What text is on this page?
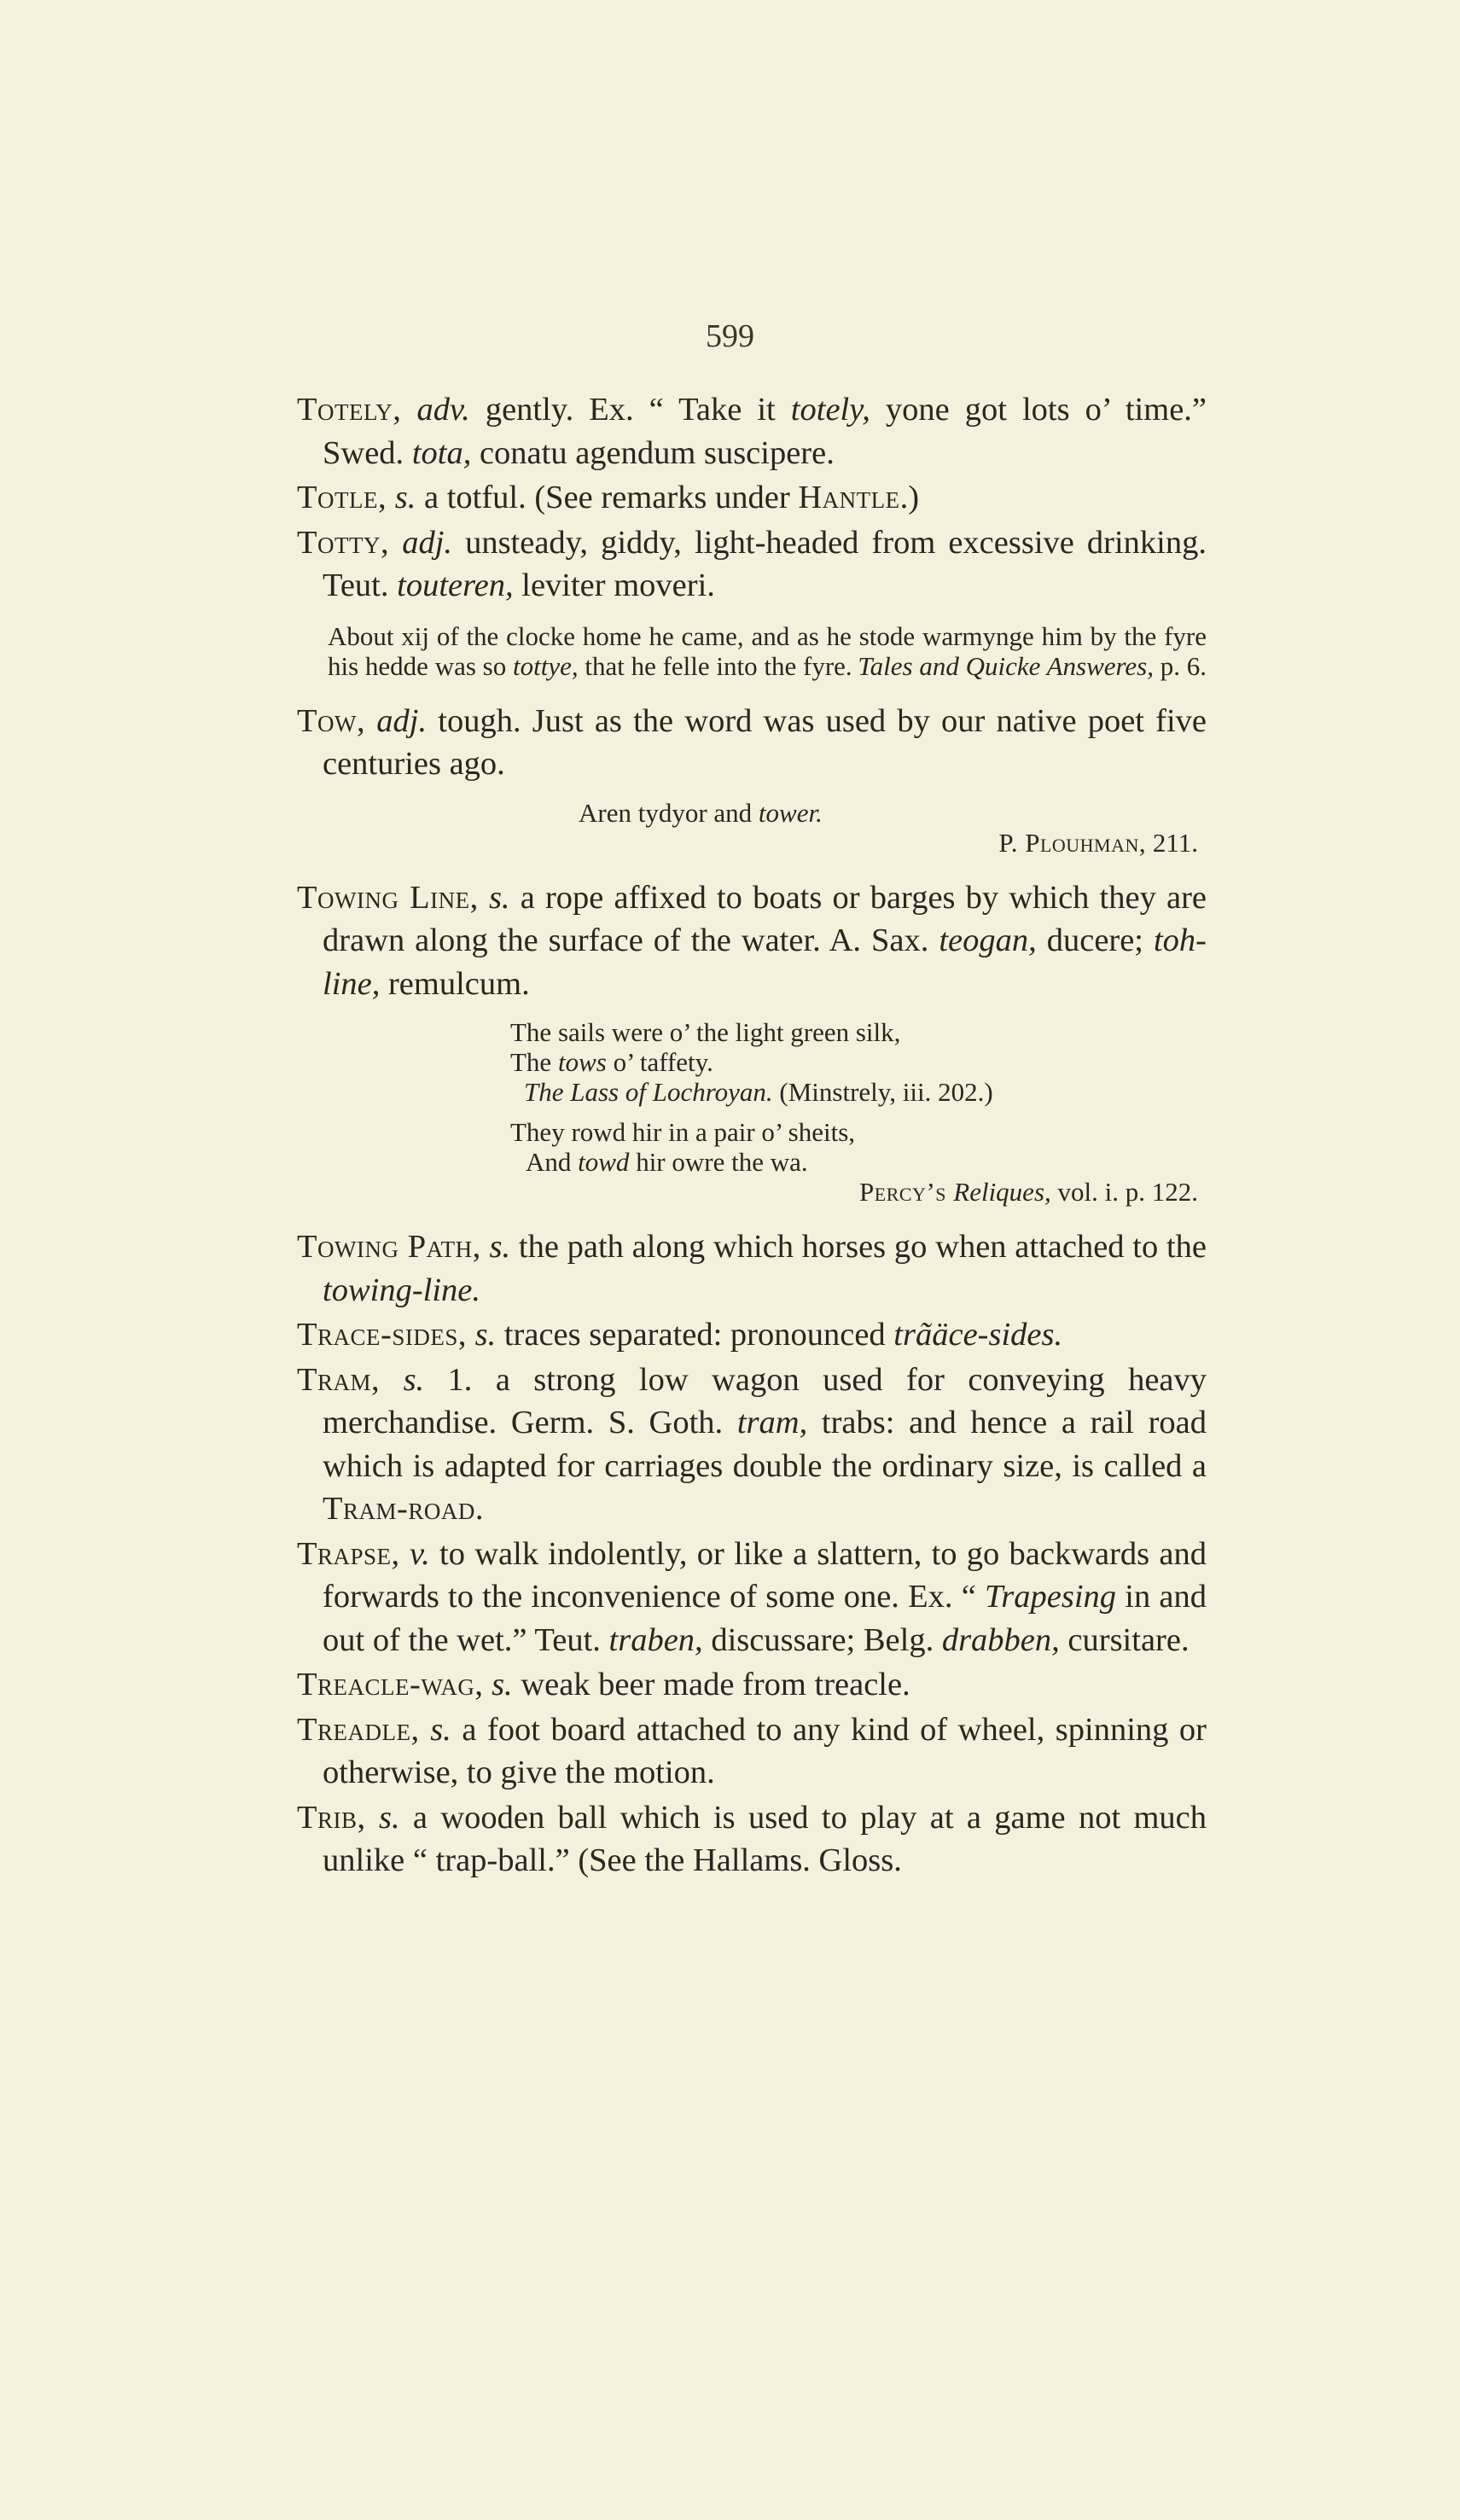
599

Totely, adv. gently. Ex. “ Take it totely, yone got lots o’ time.” Swed. tota, conatu agendum suscipere.

Totle, s. a totful. (See remarks under Hantle.)

Totty, adj. unsteady, giddy, light-headed from excessive drinking. Teut. touteren, leviter moveri.

About xij of the clocke home he came, and as he stode warmynge him by the fyre his hedde was so tottye, that he felle into the fyre. Tales and Quicke Answeres, p. 6.

Tow, adj. tough. Just as the word was used by our native poet five centuries ago.

Aren tydyor and tower.
P. Plouhman, 211.

Towing Line, s. a rope affixed to boats or barges by which they are drawn along the surface of the water. A. Sax. teogan, ducere; toh-line, remulcum.

The sails were o’ the light green silk,
The tows o’ taffety.
The Lass of Lochroyan. (Minstrely, iii. 202.)
They rowd hir in a pair o’ sheits,
And towd hir owre the wa.
Percy’s Reliques, vol. i. p. 122.

Towing Path, s. the path along which horses go when attached to the towing-line.

Trace-sides, s. traces separated: pronounced trãäce-sides.

Tram, s. 1. a strong low wagon used for conveying heavy merchandise. Germ. S. Goth. tram, trabs: and hence a rail road which is adapted for carriages double the ordinary size, is called a Tram-road.

Trapse, v. to walk indolently, or like a slattern, to go backwards and forwards to the inconvenience of some one. Ex. “ Trapesing in and out of the wet.” Teut. traben, discussare; Belg. drabben, cursitare.

Treacle-wag, s. weak beer made from treacle.

Treadle, s. a foot board attached to any kind of wheel, spinning or otherwise, to give the motion.

Trib, s. a wooden ball which is used to play at a game not much unlike “ trap-ball.” (See the Hallams. Gloss.
